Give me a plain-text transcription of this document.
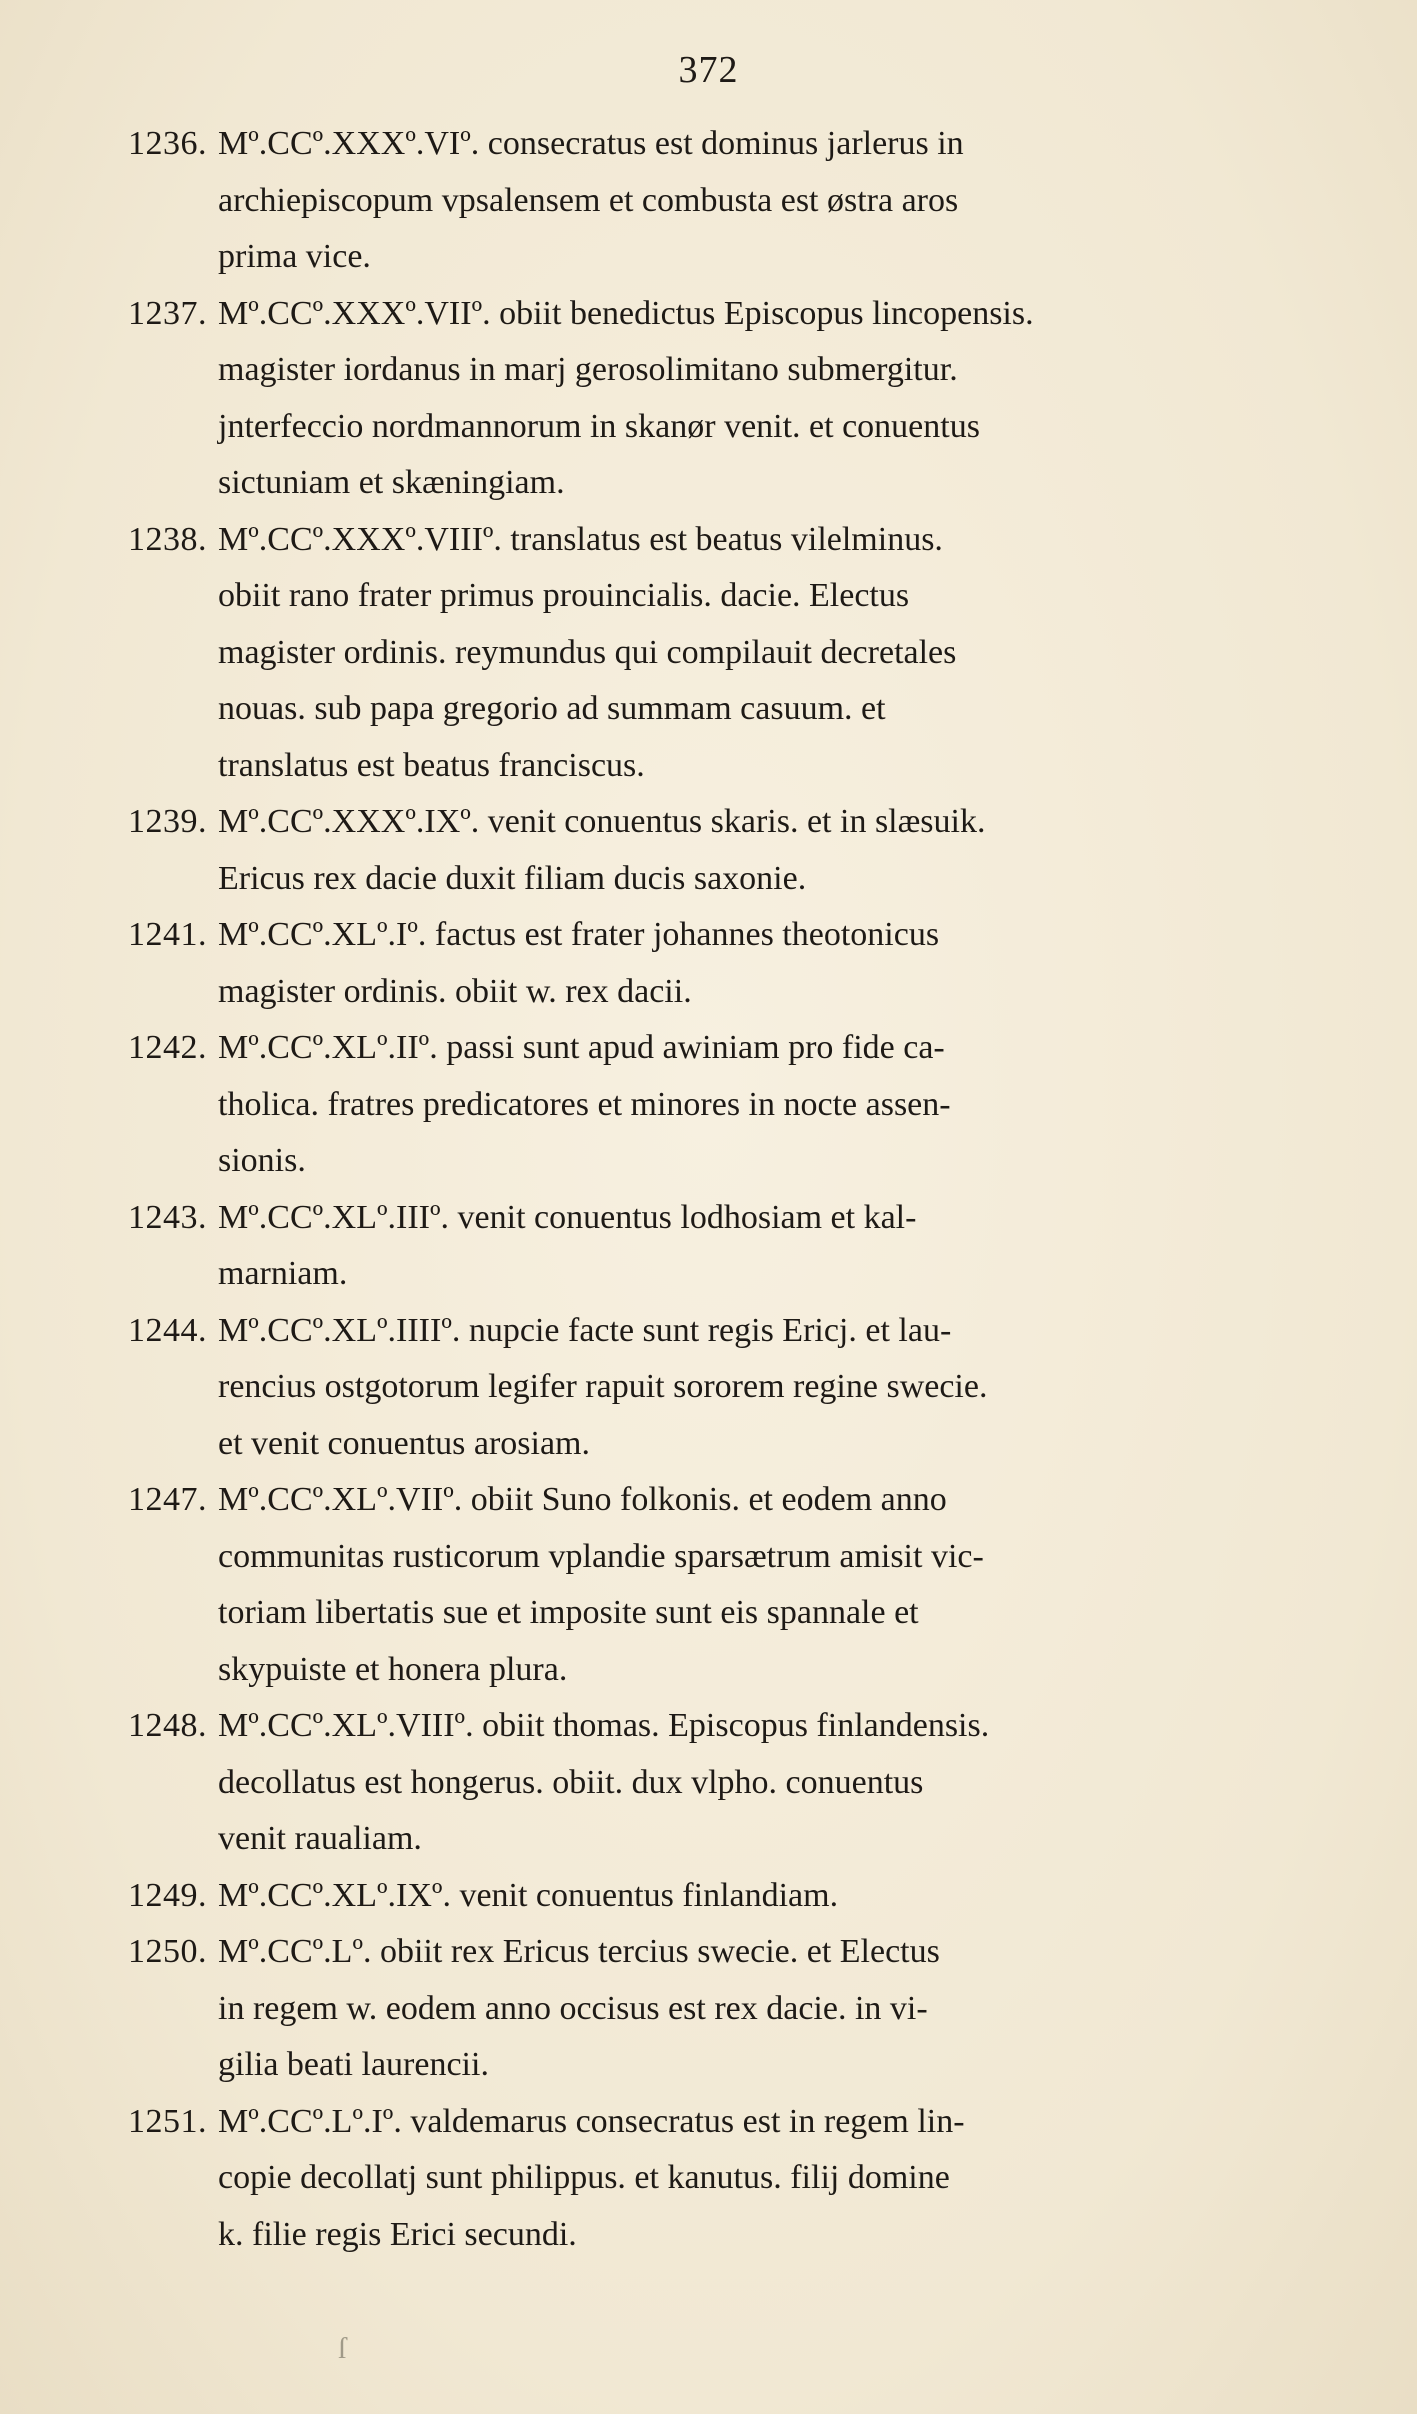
372
1236. Mº.CCº.XXXº.VIº. consecratus est dominus jarlerus in
archiepiscopum vpsalensem et combusta est østra aros
prima vice.
1237. Mº.CCº.XXXº.VIIº. obiit benedictus Episcopus lincopensis.
magister iordanus in marj gerosolimitano submergitur.
jnterfeccio nordmannorum in skanør venit. et conuentus
sictuniam et skæningiam.
1238. Mº.CCº.XXXº.VIIIº. translatus est beatus vilelminus.
obiit rano frater primus prouincialis. dacie. Electus
magister ordinis. reymundus qui compilauit decretales
nouas. sub papa gregorio ad summam casuum. et
translatus est beatus franciscus.
1239. Mº.CCº.XXXº.IXº. venit conuentus skaris. et in slæsuik.
Ericus rex dacie duxit filiam ducis saxonie.
1241. Mº.CCº.XLº.Iº. factus est frater johannes theotonicus
magister ordinis. obiit w. rex dacii.
1242. Mº.CCº.XLº.IIº. passi sunt apud awiniam pro fide ca-
tholica. fratres predicatores et minores in nocte assen-
sionis.
1243. Mº.CCº.XLº.IIIº. venit conuentus lodhosiam et kal-
marniam.
1244. Mº.CCº.XLº.IIIIº. nupcie facte sunt regis Ericj. et lau-
rencius ostgotorum legifer rapuit sororem regine swecie.
et venit conuentus arosiam.
1247. Mº.CCº.XLº.VIIº. obiit Suno folkonis. et eodem anno
communitas rusticorum vplandie sparsætrum amisit vic-
toriam libertatis sue et imposite sunt eis spannale et
skypuiste et honera plura.
1248. Mº.CCº.XLº.VIIIº. obiit thomas. Episcopus finlandensis.
decollatus est hongerus. obiit. dux vlpho. conuentus
venit raualiam.
1249. Mº.CCº.XLº.IXº. venit conuentus finlandiam.
1250. Mº.CCº.Lº. obiit rex Ericus tercius swecie. et Electus
in regem w. eodem anno occisus est rex dacie. in vi-
gilia beati laurencii.
1251. Mº.CCº.Lº.Iº. valdemarus consecratus est in regem lin-
copie decollatj sunt philippus. et kanutus. filij domine
k. filie regis Erici secundi.
ſ
